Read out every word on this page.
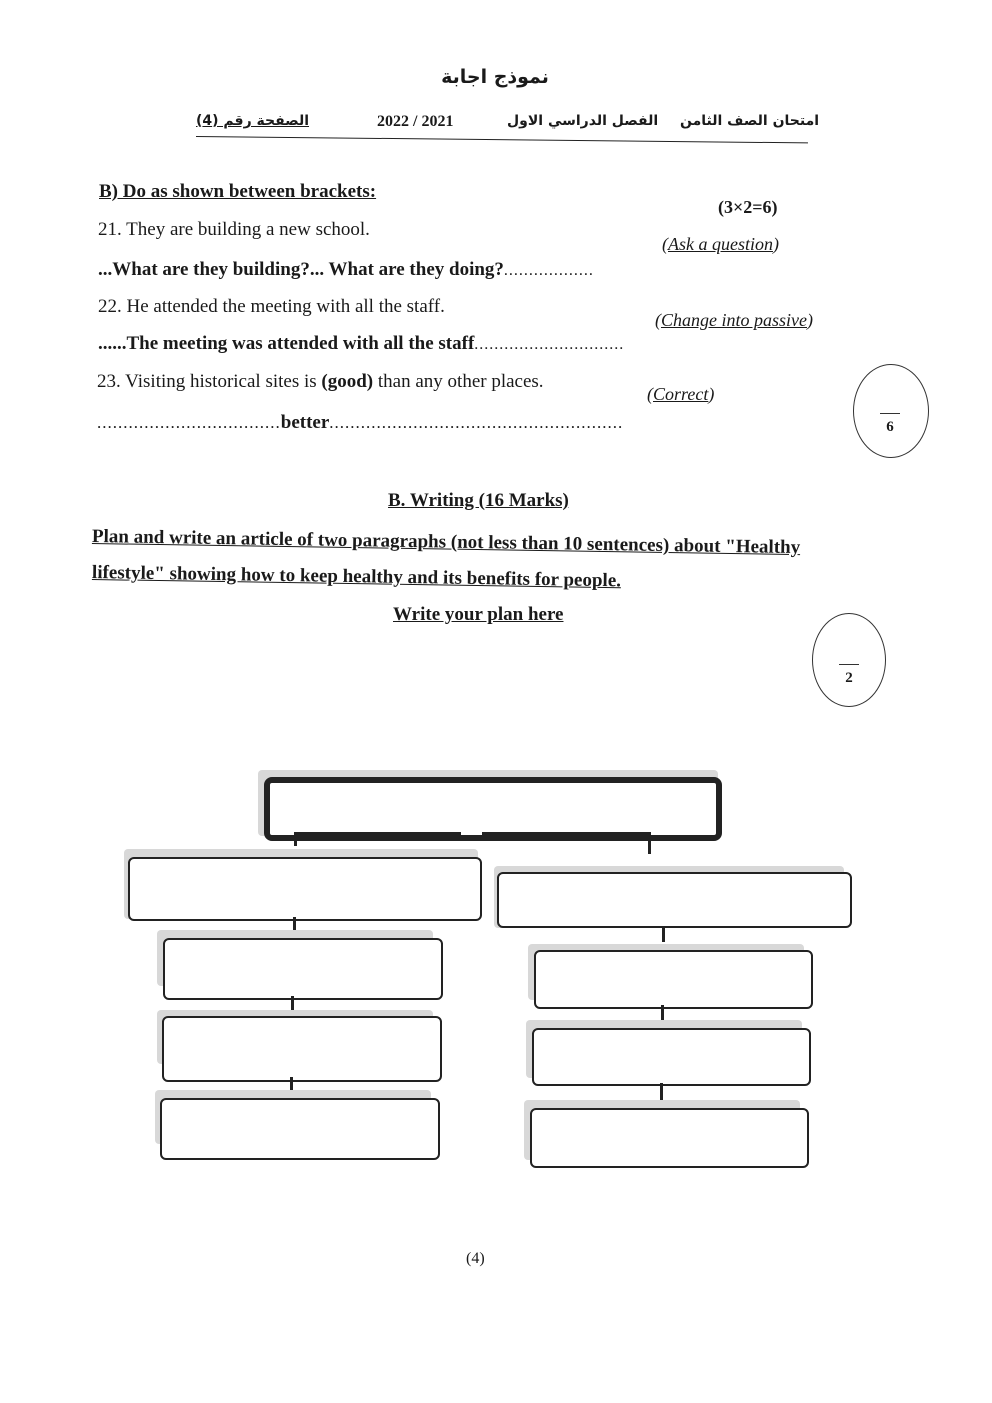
نموذج اجابة
امتحان الصف الثامن
الفصل الدراسي الاول
2022 / 2021
الصفحة رقم (4)
B) Do as shown between brackets:
(3×2=6)
21. They are building a new school.
(Ask a question)
...What are they building?... What are they doing?..................
22. He attended the meeting with all the staff.
(Change into passive)
......The meeting was attended with all the staff..............................
23. Visiting historical sites is (good) than any other places.
(Correct)
...................................better........................................................	6
B. Writing (16 Marks)
Plan and write an article of two paragraphs (not less than 10 sentences) about "Healthy
lifestyle" showing how to keep healthy and its benefits for people.
Write your plan here
2
(4)
